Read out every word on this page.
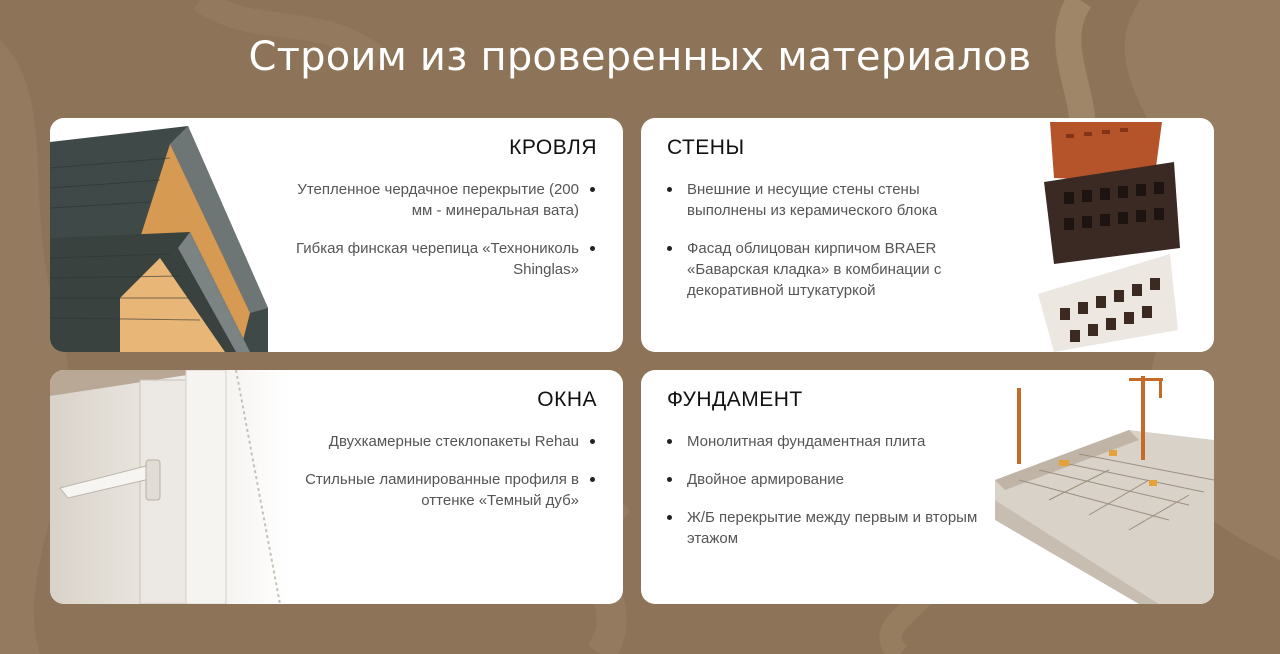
Строим из проверенных материалов
КРОВЛЯ
Утепленное чердачное перекрытие (200 мм - минеральная вата)
Гибкая финская черепица «Технониколь Shinglas»
СТЕНЫ
Внешние и несущие стены стены выполнены из керамического блока
Фасад облицован кирпичом BRAER «Баварская кладка» в комбинации с декоративной штукатуркой
ОКНА
Двухкамерные стеклопакеты Rehau
Стильные ламинированные профиля в оттенке «Темный дуб»
ФУНДАМЕНТ
Монолитная фундаментная плита
Двойное армирование
Ж/Б перекрытие между первым и вторым этажом
